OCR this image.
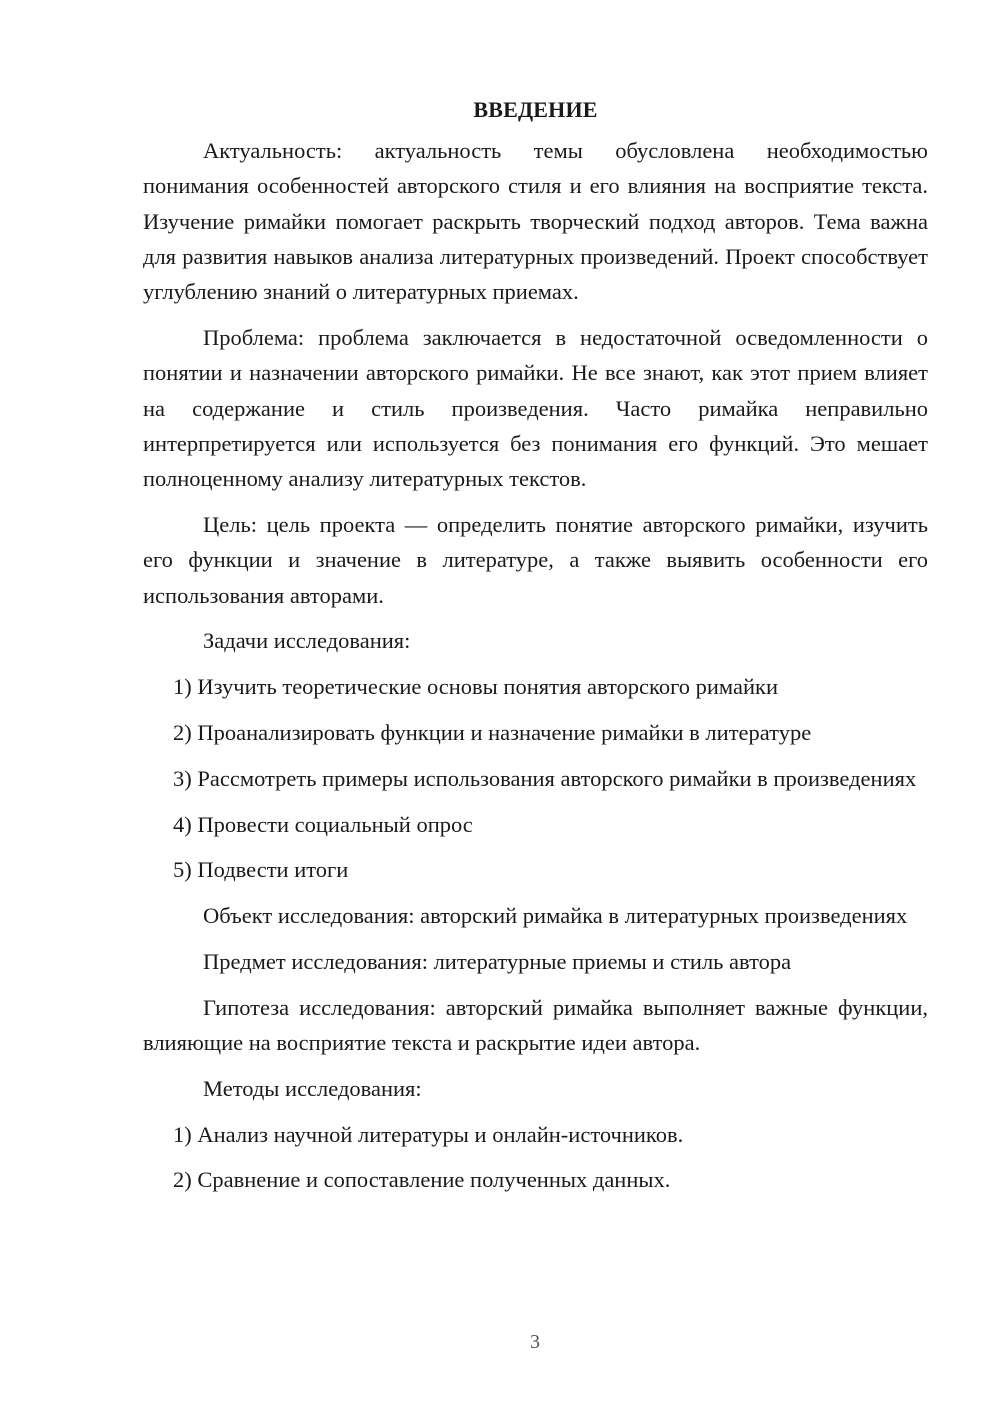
ВВЕДЕНИЕ

Актуальность: актуальность темы обусловлена необходимостью понимания особенностей авторского стиля и его влияния на восприятие текста. Изучение римайки помогает раскрыть творческий подход авторов. Тема важна для развития навыков анализа литературных произведений. Проект способствует углублению знаний о литературных приемах.

Проблема: проблема заключается в недостаточной осведомленности о понятии и назначении авторского римайки. Не все знают, как этот прием влияет на содержание и стиль произведения. Часто римайка неправильно интерпретируется или используется без понимания его функций. Это мешает полноценному анализу литературных текстов.

Цель: цель проекта — определить понятие авторского римайки, изучить его функции и значение в литературе, а также выявить особенности его использования авторами.

Задачи исследования:

1) Изучить теоретические основы понятия авторского римайки

2) Проанализировать функции и назначение римайки в литературе

3) Рассмотреть примеры использования авторского римайки в произведениях

4) Провести социальный опрос

5) Подвести итоги

Объект исследования: авторский римайка в литературных произведениях

Предмет исследования: литературные приемы и стиль автора

Гипотеза исследования: авторский римайка выполняет важные функции, влияющие на восприятие текста и раскрытие идеи автора.

Методы исследования:

1) Анализ научной литературы и онлайн-источников.

2) Сравнение и сопоставление полученных данных.

3
